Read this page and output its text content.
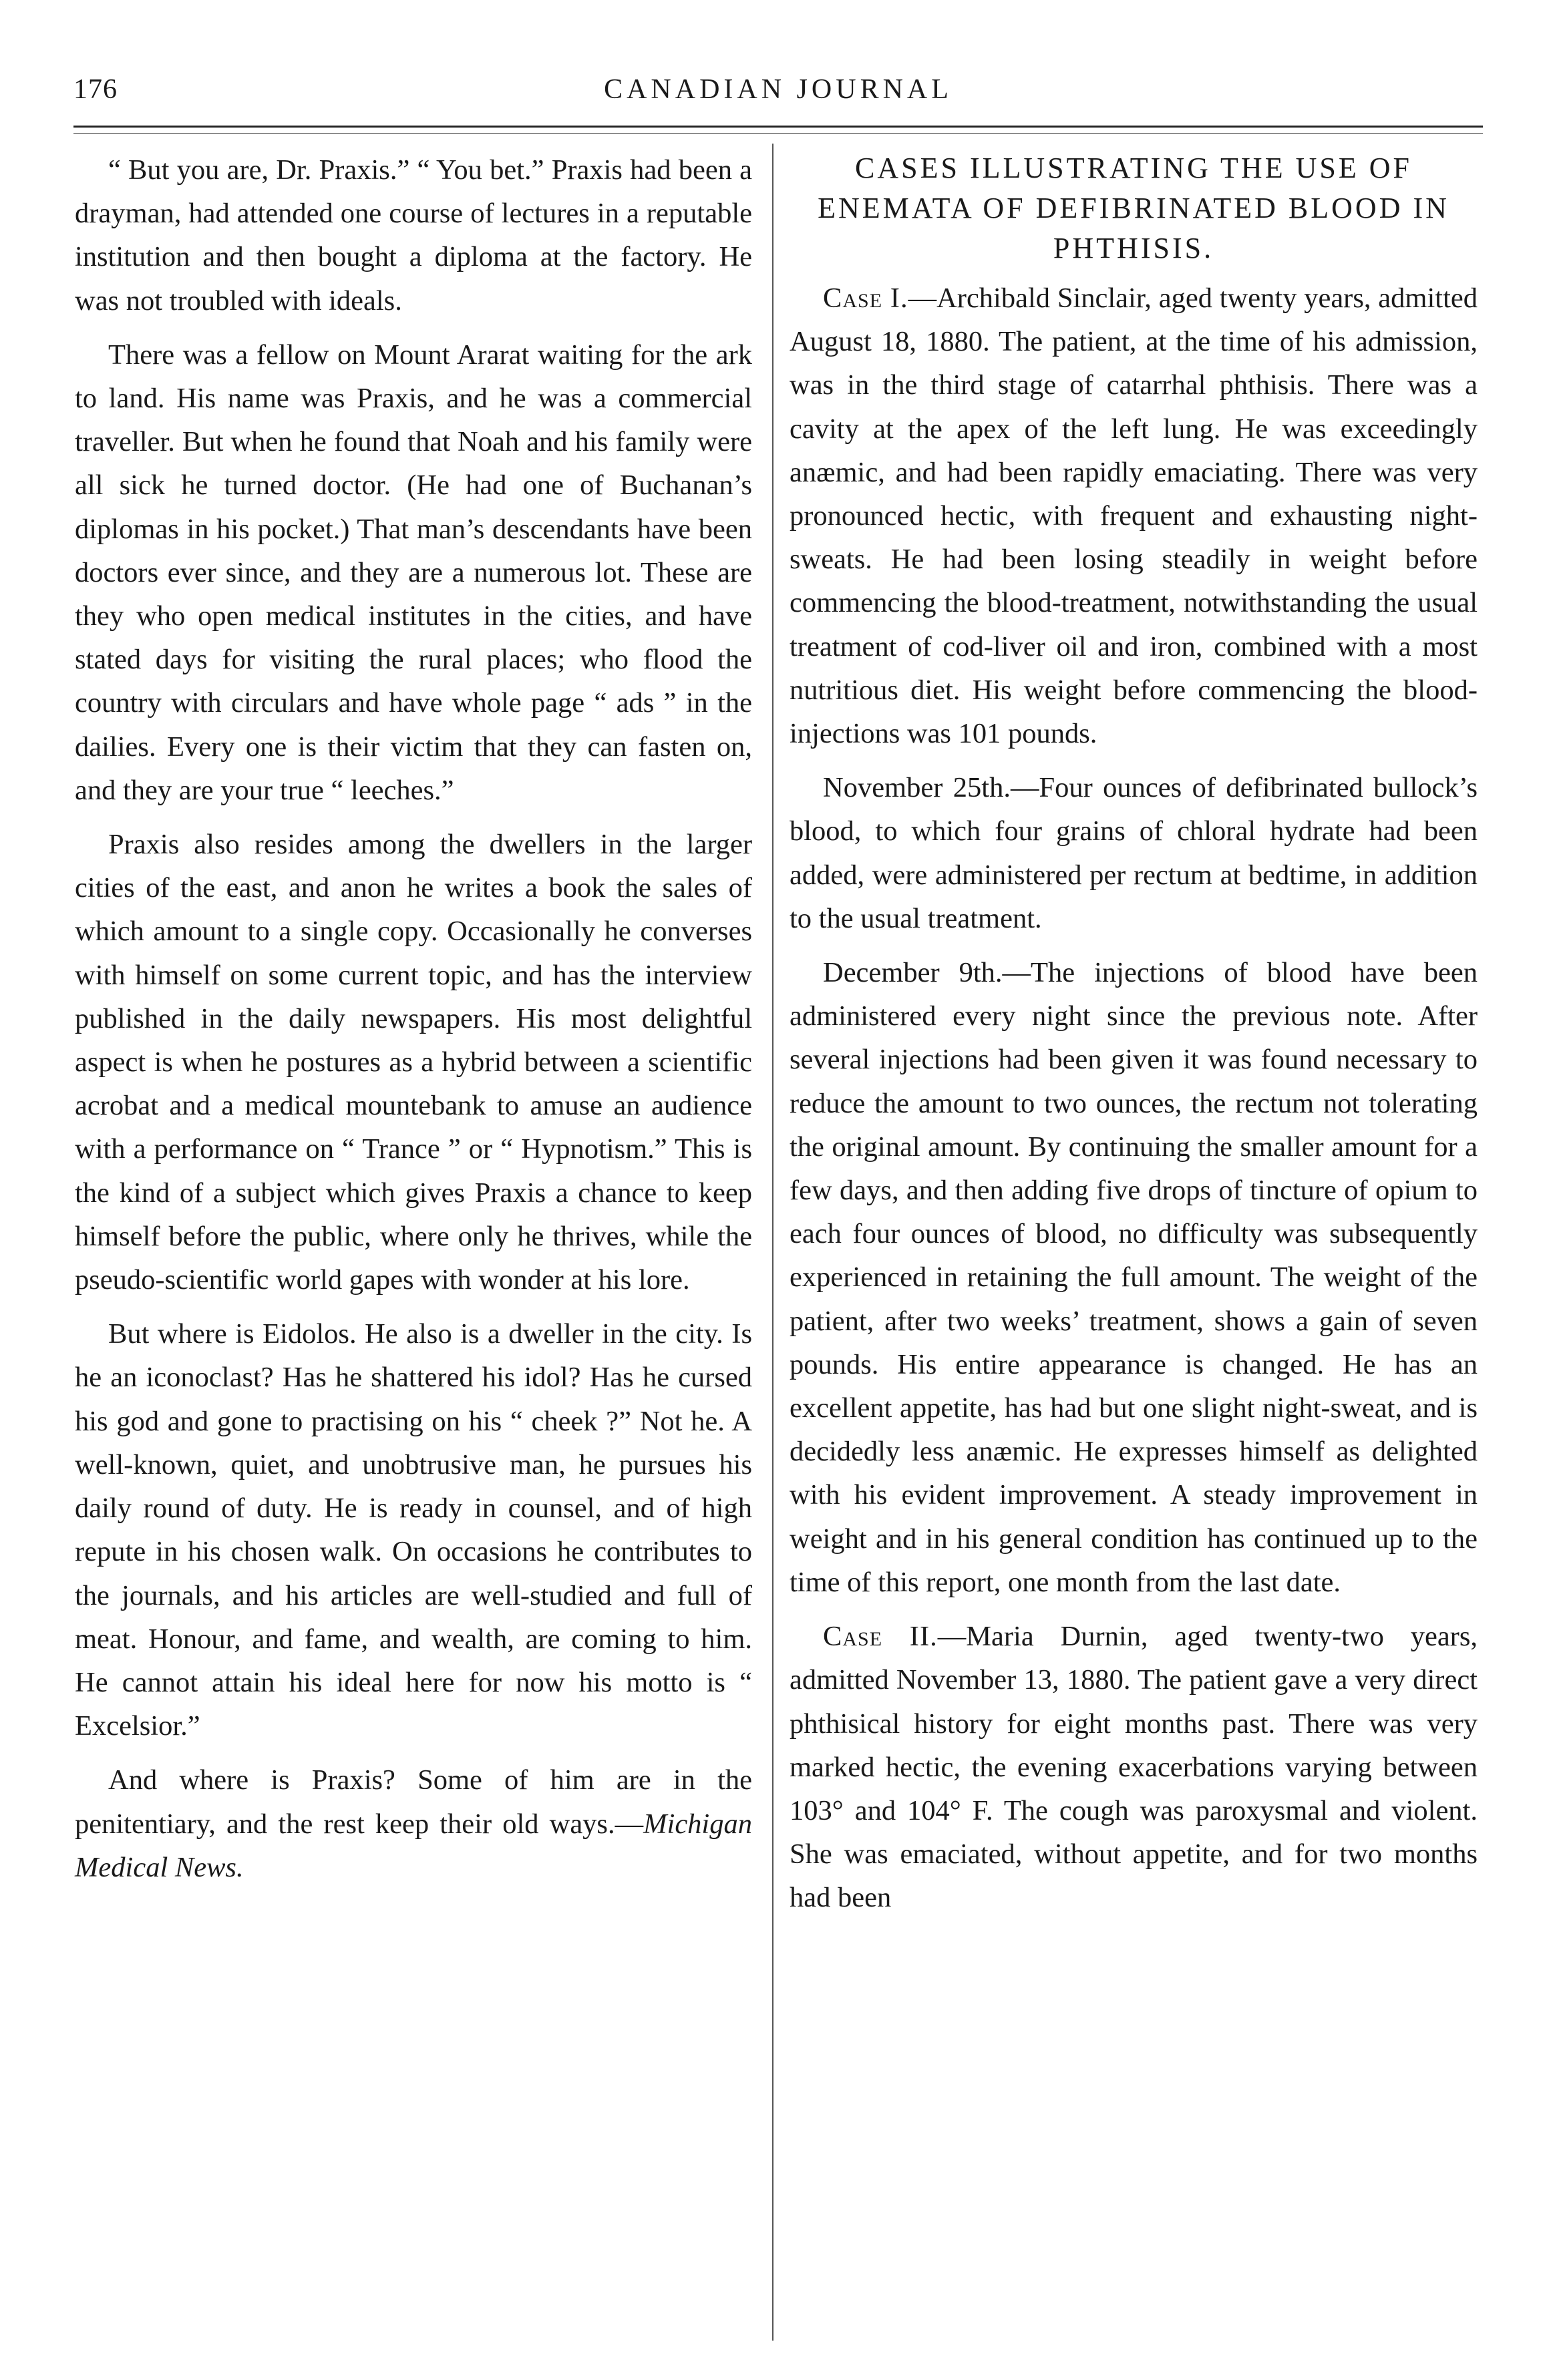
176	CANADIAN JOURNAL

“ But you are, Dr. Praxis.” “ You bet.” Praxis had been a drayman, had attended one course of lectures in a reputable institution and then bought a diploma at the factory. He was not troubled with ideals.

There was a fellow on Mount Ararat waiting for the ark to land. His name was Praxis, and he was a commercial traveller. But when he found that Noah and his family were all sick he turned doctor. (He had one of Buchanan’s diplomas in his pocket.) That man’s descendants have been doctors ever since, and they are a numerous lot. These are they who open medical institutes in the cities, and have stated days for visiting the rural places; who flood the country with circulars and have whole page “ ads ” in the dailies. Every one is their victim that they can fasten on, and they are your true “ leeches.”

Praxis also resides among the dwellers in the larger cities of the east, and anon he writes a book the sales of which amount to a single copy. Occasionally he converses with himself on some current topic, and has the interview published in the daily newspapers. His most delightful aspect is when he postures as a hybrid between a scientific acrobat and a medical mountebank to amuse an audience with a performance on “ Trance ” or “ Hypnotism.” This is the kind of a subject which gives Praxis a chance to keep himself before the public, where only he thrives, while the pseudo-scientific world gapes with wonder at his lore.

But where is Eidolos. He also is a dweller in the city. Is he an iconoclast? Has he shattered his idol? Has he cursed his god and gone to practising on his “ cheek ?” Not he. A well-known, quiet, and unobtrusive man, he pursues his daily round of duty. He is ready in counsel, and of high repute in his chosen walk. On occasions he contributes to the journals, and his articles are well-studied and full of meat. Honour, and fame, and wealth, are coming to him. He cannot attain his ideal here for now his motto is “ Excelsior.”

And where is Praxis? Some of him are in the penitentiary, and the rest keep their old ways.—Michigan Medical News.

CASES ILLUSTRATING THE USE OF ENEMATA OF DEFIBRINATED BLOOD IN PHTHISIS.

Case I.—Archibald Sinclair, aged twenty years, admitted August 18, 1880. The patient, at the time of his admission, was in the third stage of catarrhal phthisis. There was a cavity at the apex of the left lung. He was exceedingly anæmic, and had been rapidly emaciating. There was very pronounced hectic, with frequent and exhausting night-sweats. He had been losing steadily in weight before commencing the blood-treatment, notwithstanding the usual treatment of cod-liver oil and iron, combined with a most nutritious diet. His weight before commencing the blood-injections was 101 pounds.

November 25th.—Four ounces of defibrinated bullock’s blood, to which four grains of chloral hydrate had been added, were administered per rectum at bedtime, in addition to the usual treatment.

December 9th.—The injections of blood have been administered every night since the previous note. After several injections had been given it was found necessary to reduce the amount to two ounces, the rectum not tolerating the original amount. By continuing the smaller amount for a few days, and then adding five drops of tincture of opium to each four ounces of blood, no difficulty was subsequently experienced in retaining the full amount. The weight of the patient, after two weeks’ treatment, shows a gain of seven pounds. His entire appearance is changed. He has an excellent appetite, has had but one slight night-sweat, and is decidedly less anæmic. He expresses himself as delighted with his evident improvement. A steady improvement in weight and in his general condition has continued up to the time of this report, one month from the last date.

Case II.—Maria Durnin, aged twenty-two years, admitted November 13, 1880. The patient gave a very direct phthisical history for eight months past. There was very marked hectic, the evening exacerbations varying between 103° and 104° F. The cough was paroxysmal and violent. She was emaciated, without appetite, and for two months had been
